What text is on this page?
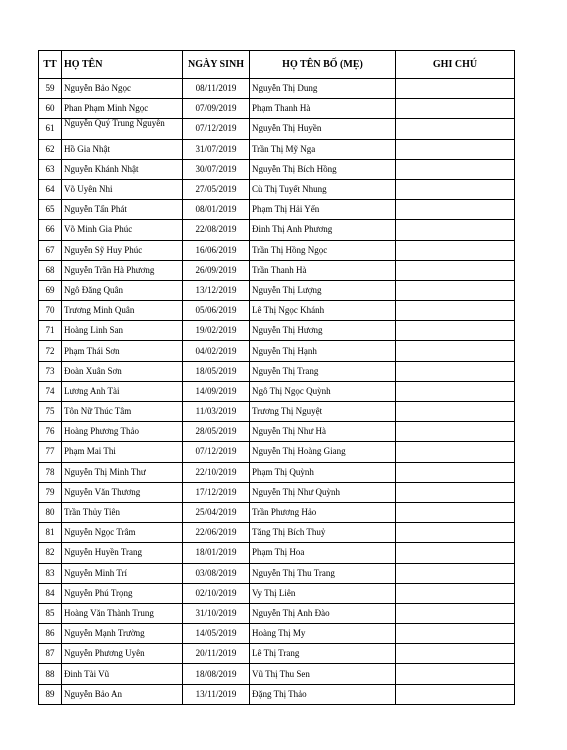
TT	HỌ TÊN	NGÀY SINH	HỌ TÊN BỐ (MẸ)	GHI CHÚ
59	Nguyễn Bảo Ngọc	08/11/2019	Nguyễn Thị Dung	
60	Phan Phạm Minh Ngọc	07/09/2019	Phạm Thanh Hà	
61	Nguyễn Quý Trung Nguyên	07/12/2019	Nguyễn Thị Huyền	
62	Hồ Gia Nhật	31/07/2019	Trần Thị Mỹ Nga	
63	Nguyễn Khánh Nhật	30/07/2019	Nguyễn Thị Bích Hồng	
64	Võ Uyên Nhi	27/05/2019	Cù Thị Tuyết Nhung	
65	Nguyễn Tấn Phát	08/01/2019	Phạm Thị Hải Yến	
66	Võ Minh Gia Phúc	22/08/2019	Đinh Thị Anh Phương	
67	Nguyễn Sỹ Huy Phúc	16/06/2019	Trần Thị Hồng Ngọc	
68	Nguyễn Trần Hà Phương	26/09/2019	Trần Thanh Hà	
69	Ngô Đăng Quân	13/12/2019	Nguyễn Thị Lượng	
70	Trương Minh Quân	05/06/2019	Lê Thị Ngọc Khánh	
71	Hoàng Linh San	19/02/2019	Nguyễn Thị Hương	
72	Phạm Thái Sơn	04/02/2019	Nguyễn Thị Hạnh	
73	Đoàn Xuân Sơn	18/05/2019	Nguyễn Thị Trang	
74	Lương Anh Tài	14/09/2019	Ngô Thị Ngọc Quỳnh	
75	Tôn Nữ Thúc Tâm	11/03/2019	Trương Thị Nguyệt	
76	Hoàng Phương Thảo	28/05/2019	Nguyễn Thị Như Hà	
77	Phạm Mai Thi	07/12/2019	Nguyễn Thị Hoàng Giang	
78	Nguyễn Thị Minh Thư	22/10/2019	Phạm Thị Quỳnh	
79	Nguyễn Văn Thương	17/12/2019	Nguyễn Thị Như Quỳnh	
80	Trần Thủy Tiên	25/04/2019	Trần Phương Hảo	
81	Nguyễn Ngọc Trâm	22/06/2019	Tăng Thị Bích Thuỷ	
82	Nguyễn Huyền Trang	18/01/2019	Phạm Thị Hoa	
83	Nguyễn Minh Trí	03/08/2019	Nguyễn Thị Thu Trang	
84	Nguyễn Phú Trọng	02/10/2019	Vy Thị Liên	
85	Hoàng Văn Thành Trung	31/10/2019	Nguyễn Thị Anh Đào	
86	Nguyễn Mạnh Trường	14/05/2019	Hoàng Thị My	
87	Nguyễn Phương Uyên	20/11/2019	Lê Thị Trang	
88	Đinh Tài Vũ	18/08/2019	Vũ Thị Thu Sen	
89	Nguyễn Bảo An	13/11/2019	Đặng Thị Thảo	
